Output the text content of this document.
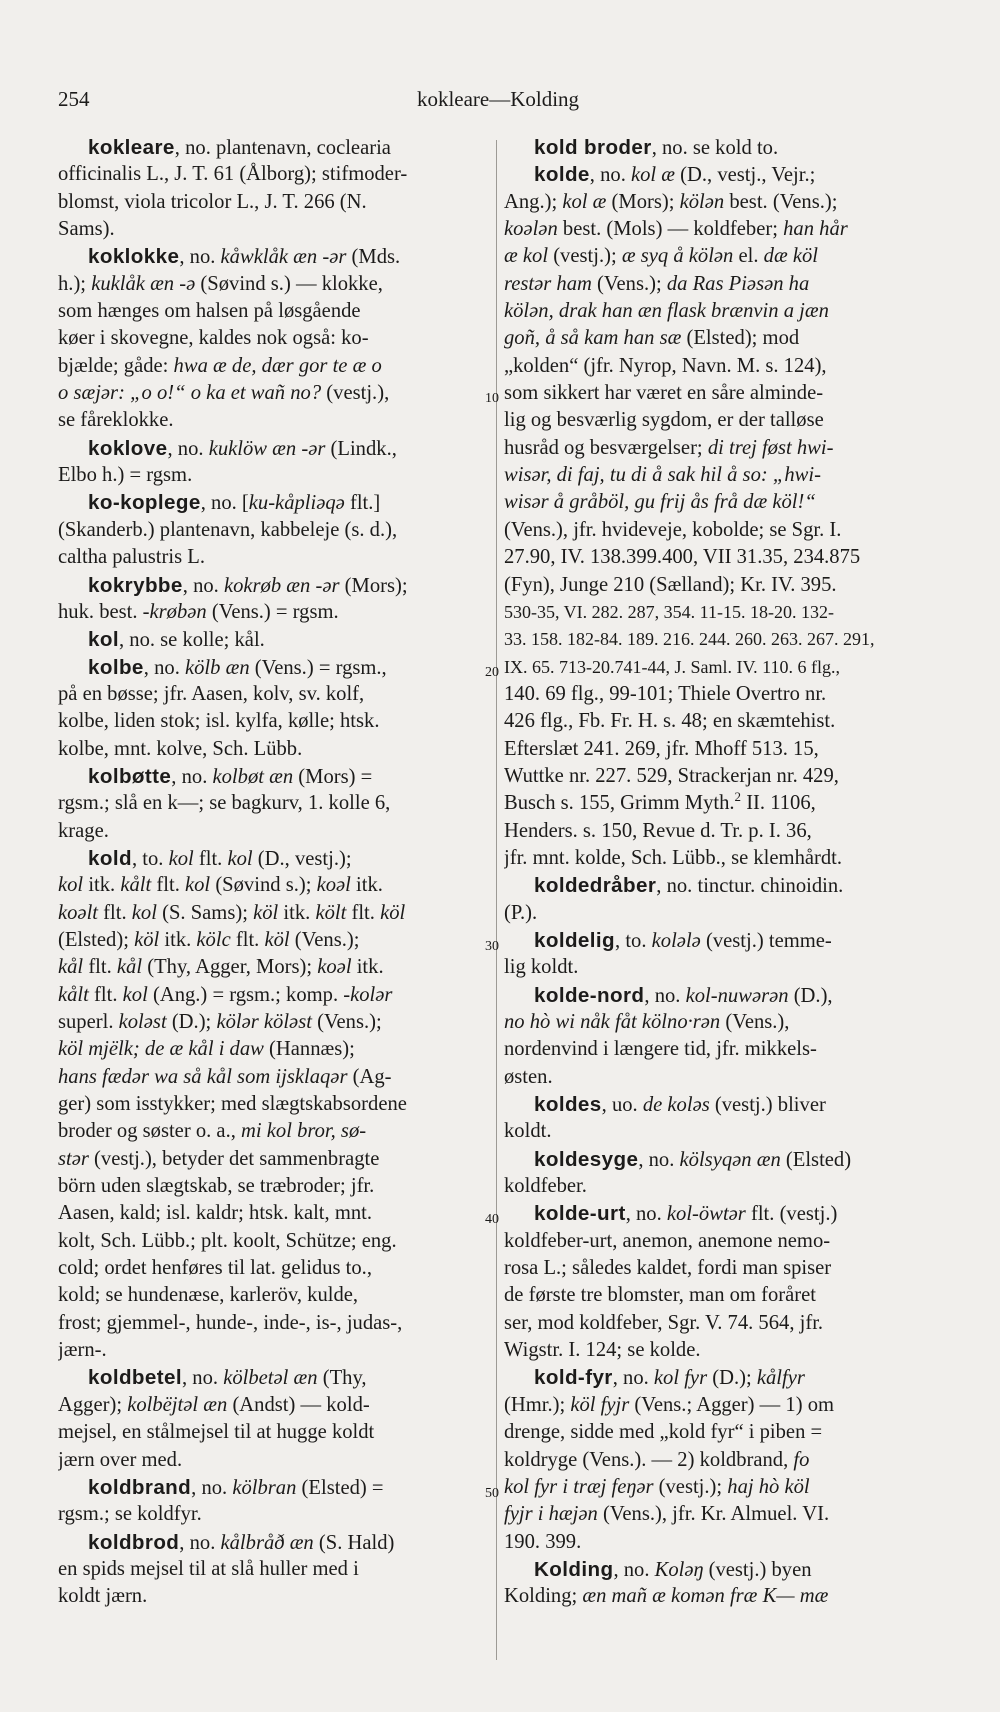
254	kokleare—Kolding
10
20
30
40
50
kokleare, no. plantenavn, coclearia
officinalis L., J. T. 61 (Ålborg); stifmoder-
blomst, viola tricolor L., J. T. 266 (N.
Sams).
koklokke, no. kåwklåk æn -ər (Mds.
h.); kuklåk æn -ə (Søvind s.) — klokke,
som hænges om halsen på løsgående
køer i skovegne, kaldes nok også: ko-
bjælde; gåde: hwa æ de, dær gor te æ o
o sæjər: „o o!“ o ka et wañ no? (vestj.),
se fåreklokke.
koklove, no. kuklöw æn -ər (Lindk.,
Elbo h.) = rgsm.
ko-koplege, no. [ku-kåpliəqə flt.]
(Skanderb.) plantenavn, kabbeleje (s. d.),
caltha palustris L.
kokrybbe, no. kokrøb æn -ər (Mors);
huk. best. -krøbən (Vens.) = rgsm.
kol, no. se kolle; kål.
kolbe, no. kölb æn (Vens.) = rgsm.,
på en bøsse; jfr. Aasen, kolv, sv. kolf,
kolbe, liden stok; isl. kylfa, kølle; htsk.
kolbe, mnt. kolve, Sch. Lübb.
kolbøtte, no. kolbøt æn (Mors) =
rgsm.; slå en k—; se bagkurv, 1. kolle 6,
krage.
kold, to. kol flt. kol (D., vestj.);
kol itk. kålt flt. kol (Søvind s.); koəl itk.
koəlt flt. kol (S. Sams); köl itk. költ flt. köl
(Elsted); köl itk. kölc flt. köl (Vens.);
kål flt. kål (Thy, Agger, Mors); koəl itk.
kålt flt. kol (Ang.) = rgsm.; komp. -kolər
superl. koləst (D.); kölər köləst (Vens.);
köl mjëlk; de æ kål i daw (Hannæs);
hans fædər wa så kål som ijsklaqər (Ag-
ger) som isstykker; med slægtskabsordene
broder og søster o. a., mi kol bror, sø-
stər (vestj.), betyder det sammenbragte
börn uden slægtskab, se træbroder; jfr.
Aasen, kald; isl. kaldr; htsk. kalt, mnt.
kolt, Sch. Lübb.; plt. koolt, Schütze; eng.
cold; ordet henføres til lat. gelidus to.,
kold; se hundenæse, karleröv, kulde,
frost; gjemmel-, hunde-, inde-, is-, judas-,
jærn-.
koldbetel, no. kölbetəl æn (Thy,
Agger); kolbëjtəl æn (Andst) — kold-
mejsel, en stålmejsel til at hugge koldt
jærn over med.
koldbrand, no. kölbran (Elsted) =
rgsm.; se koldfyr.
koldbrod, no. kålbråð æn (S. Hald)
en spids mejsel til at slå huller med i
koldt jærn.
kold broder, no. se kold to.
kolde, no. kol æ (D., vestj., Vejr.;
Ang.); kol æ (Mors); kölən best. (Vens.);
koələn best. (Mols) — koldfeber; han hår
æ kol (vestj.); æ syq å kölən el. dæ köl
restər ham (Vens.); da Ras Piəsən ha
kölən, drak han æn flask brænvin a jæn
goñ, å så kam han sæ (Elsted); mod
„kolden“ (jfr. Nyrop, Navn. M. s. 124),
som sikkert har været en såre alminde-
lig og besværlig sygdom, er der talløse
husråd og besværgelser; di trej føst hwi-
wisər, di faj, tu di å sak hil å so: „hwi-
wisər å gråböl, gu frij ås frå dæ köl!“
(Vens.), jfr. hvideveje, kobolde; se Sgr. I.
27.90, IV. 138.399.400, VII 31.35, 234.875
(Fyn), Junge 210 (Sælland); Kr. IV. 395.
530-35, VI. 282. 287, 354. 11-15. 18-20. 132-
33. 158. 182-84. 189. 216. 244. 260. 263. 267. 291,
IX. 65. 713-20.741-44, J. Saml. IV. 110. 6 flg.,
140. 69 flg., 99-101; Thiele Overtro nr.
426 flg., Fb. Fr. H. s. 48; en skæmtehist.
Efterslæt 241. 269, jfr. Mhoff 513. 15,
Wuttke nr. 227. 529, Strackerjan nr. 429,
Busch s. 155, Grimm Myth.$^2$ II. 1106,
Henders. s. 150, Revue d. Tr. p. I. 36,
jfr. mnt. kolde, Sch. Lübb., se klemhårdt.
koldedråber, no. tinctur. chinoidin.
(P.).
koldelig, to. kolələ (vestj.) temme-
lig koldt.
kolde-nord, no. kol-nuwərən (D.),
no hò wi nåk fåt kölno·rən (Vens.),
nordenvind i længere tid, jfr. mikkels-
østen.
koldes, uo. de koləs (vestj.) bliver
koldt.
koldesyge, no. kölsyqən æn (Elsted)
koldfeber.
kolde-urt, no. kol-öwtər flt. (vestj.)
koldfeber-urt, anemon, anemone nemo-
rosa L.; således kaldet, fordi man spiser
de første tre blomster, man om foråret
ser, mod koldfeber, Sgr. V. 74. 564, jfr.
Wigstr. I. 124; se kolde.
kold-fyr, no. kol fyr (D.); kålfyr
(Hmr.); köl fyjr (Vens.; Agger) — 1) om
drenge, sidde med „kold fyr“ i piben =
koldryge (Vens.). — 2) koldbrand, fo
kol fyr i træj feŋər (vestj.); haj hò köl
fyjr i hæjən (Vens.), jfr. Kr. Almuel. VI.
190. 399.
Kolding, no. Koləŋ (vestj.) byen
Kolding; æn mañ æ komən fræ K— mæ
